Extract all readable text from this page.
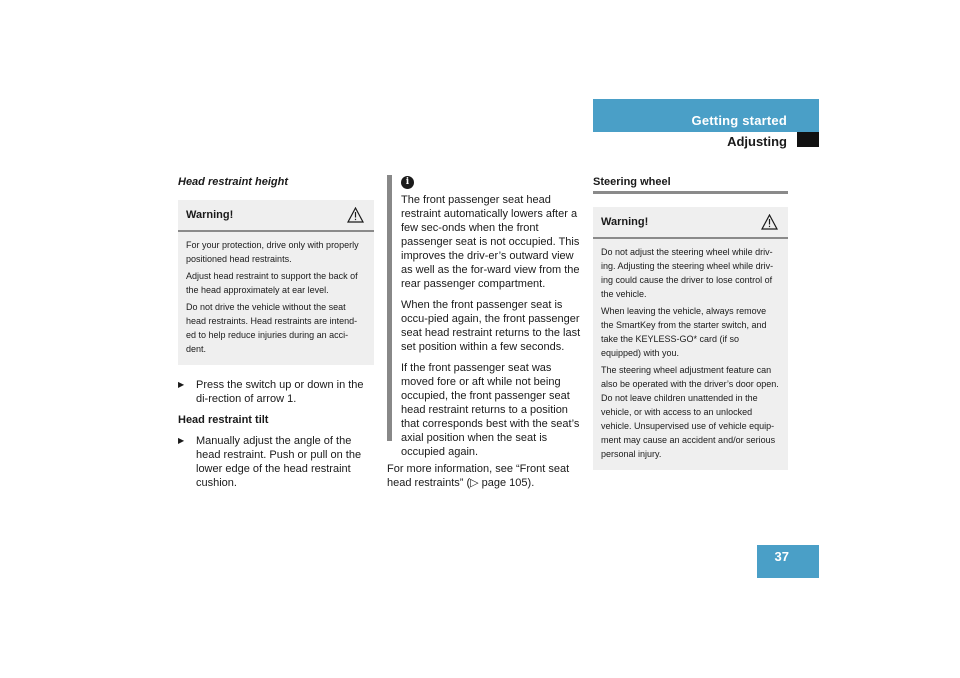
Getting started
Adjusting

Head restraint height

Warning!

For your protection, drive only with properly positioned head restraints.

Adjust head restraint to support the back of the head approximately at ear level.

Do not drive the vehicle without the seat head restraints. Head restraints are intend-ed to help reduce injuries during an acci-dent.

▶	Press the switch up or down in the di-rection of arrow 1.

Head restraint tilt

▶	Manually adjust the angle of the head restraint. Push or pull on the lower edge of the head restraint cushion.
i

The front passenger seat head restraint automatically lowers after a few sec-onds when the front passenger seat is not occupied. This improves the driv-er’s outward view as well as the for-ward view from the rear passenger compartment.

When the front passenger seat is occu-pied again, the front passenger seat head restraint returns to the last set position within a few seconds.

If the front passenger seat was moved fore or aft while not being occupied, the front passenger seat head restraint returns to a position that corresponds best with the seat’s axial position when the seat is occupied again.

For more information, see “Front seat head restraints” (▷ page 105).
Steering wheel
Warning!

Do not adjust the steering wheel while driv-ing. Adjusting the steering wheel while driv-ing could cause the driver to lose control of the vehicle.

When leaving the vehicle, always remove the SmartKey from the starter switch, and take the KEYLESS-GO* card (if so equipped) with you.

The steering wheel adjustment feature can also be operated with the driver’s door open. Do not leave children unattended in the vehicle, or with access to an unlocked vehicle. Unsupervised use of vehicle equip-ment may cause an accident and/or serious personal injury.

37
